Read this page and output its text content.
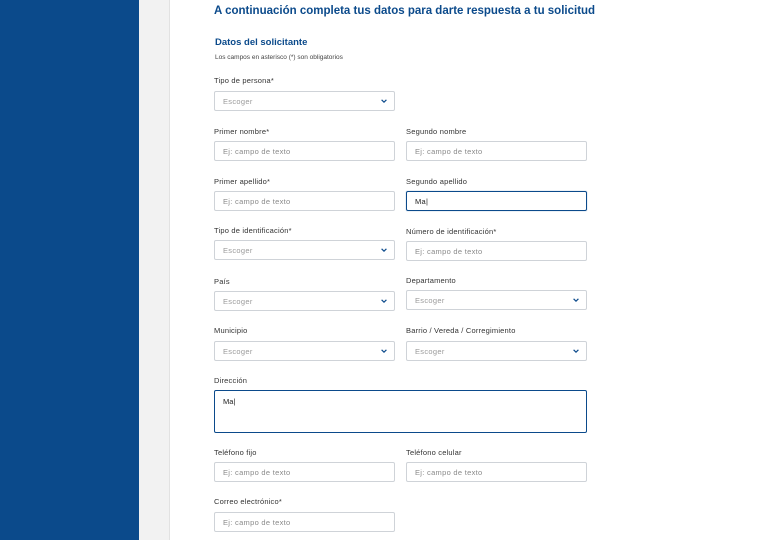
A continuación completa tus datos para darte respuesta a tu solicitud
Datos del solicitante
Los campos en asterisco (*) son obligatorios
Tipo de persona*
Escoger
Primer nombre*
Ej: campo de texto
Segundo nombre
Ej: campo de texto
Primer apellido*
Ej: campo de texto
Segundo apellido
Ma|
Tipo de identificación*
Escoger
Número de identificación*
Ej: campo de texto
País
Escoger
Departamento
Escoger
Municipio
Escoger
Barrio / Vereda / Corregimiento
Escoger
Dirección
Ma|
Teléfono fijo
Ej: campo de texto
Teléfono celular
Ej: campo de texto
Correo electrónico*
Ej: campo de texto
